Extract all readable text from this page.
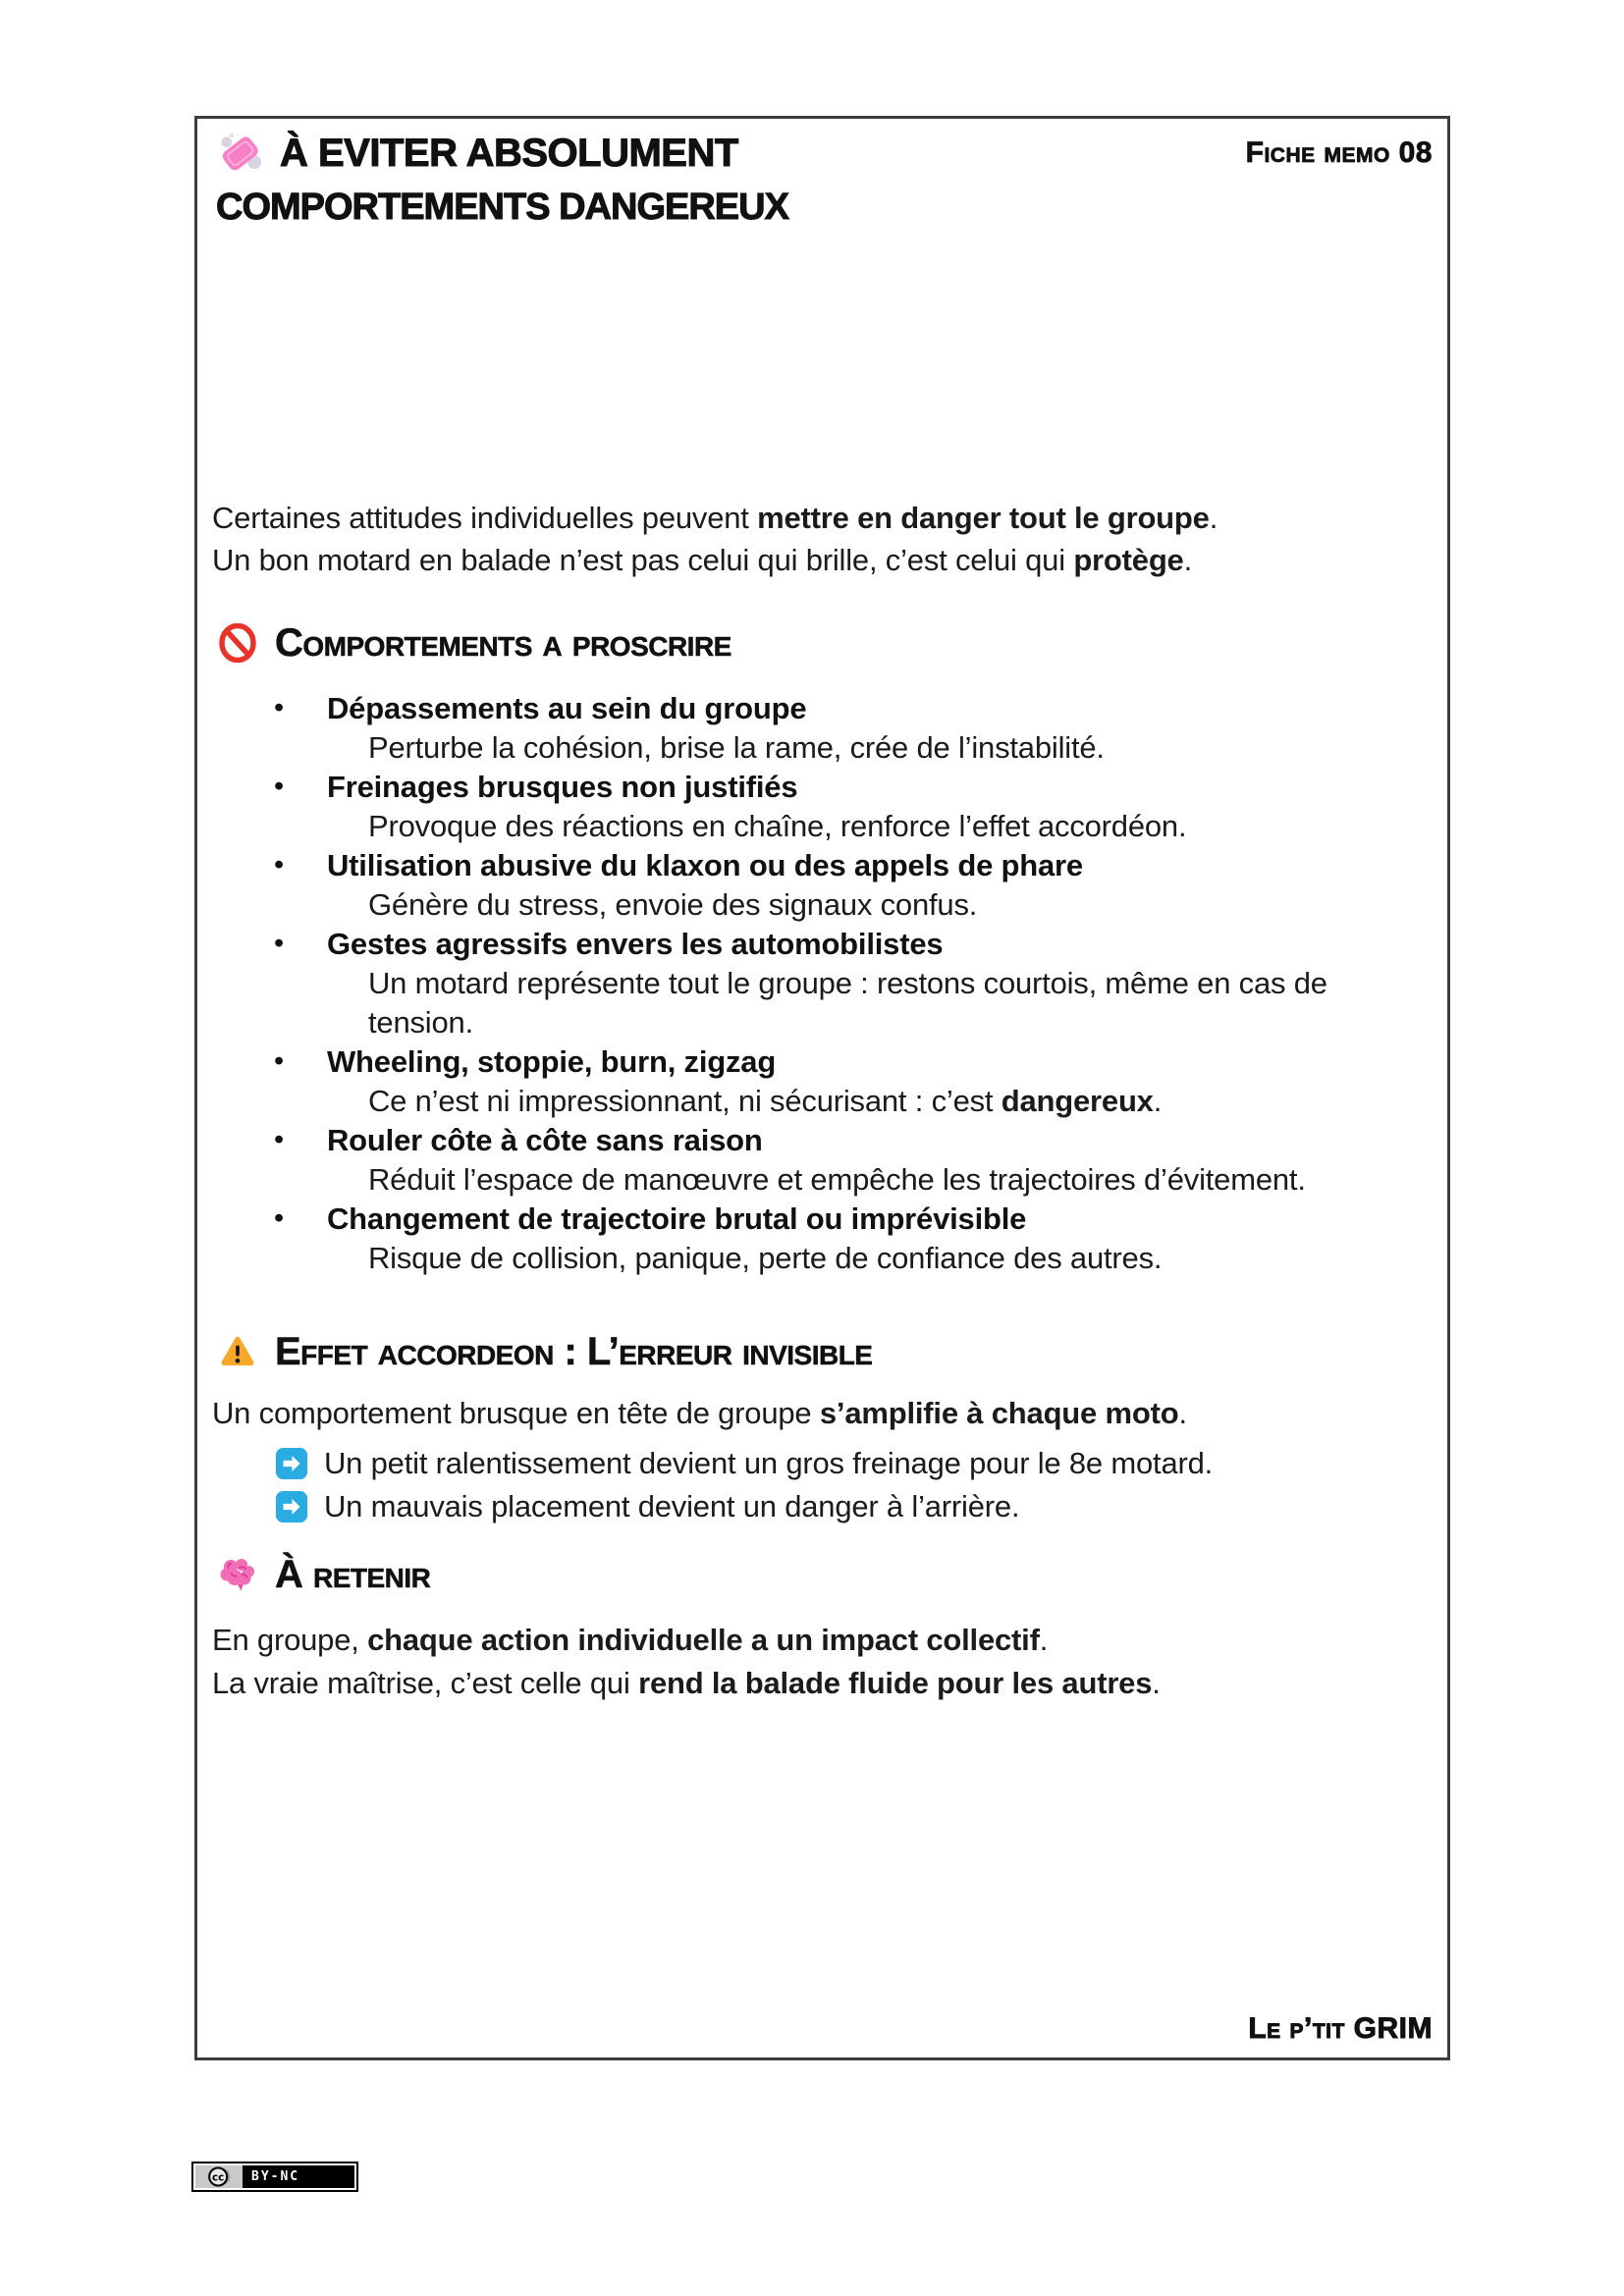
À EVITER ABSOLUMENT	Fiche memo 08
COMPORTEMENTS DANGEREUX
Certaines attitudes individuelles peuvent mettre en danger tout le groupe.
Un bon motard en balade n’est pas celui qui brille, c’est celui qui protège.
Comportements a proscrire
• Dépassements au sein du groupe
Perturbe la cohésion, brise la rame, crée de l’instabilité.
• Freinages brusques non justifiés
Provoque des réactions en chaîne, renforce l’effet accordéon.
• Utilisation abusive du klaxon ou des appels de phare
Génère du stress, envoie des signaux confus.
• Gestes agressifs envers les automobilistes
Un motard représente tout le groupe : restons courtois, même en cas de tension.
• Wheeling, stoppie, burn, zigzag
Ce n’est ni impressionnant, ni sécurisant : c’est dangereux.
• Rouler côte à côte sans raison
Réduit l’espace de manœuvre et empêche les trajectoires d’évitement.
• Changement de trajectoire brutal ou imprévisible
Risque de collision, panique, perte de confiance des autres.
Effet accordeon : L’erreur invisible
Un comportement brusque en tête de groupe s’amplifie à chaque moto.
Un petit ralentissement devient un gros freinage pour le 8e motard.
Un mauvais placement devient un danger à l’arrière.
À retenir
En groupe, chaque action individuelle a un impact collectif.
La vraie maîtrise, c’est celle qui rend la balade fluide pour les autres.
Le p’tit GRIM
cc	BY-NC
